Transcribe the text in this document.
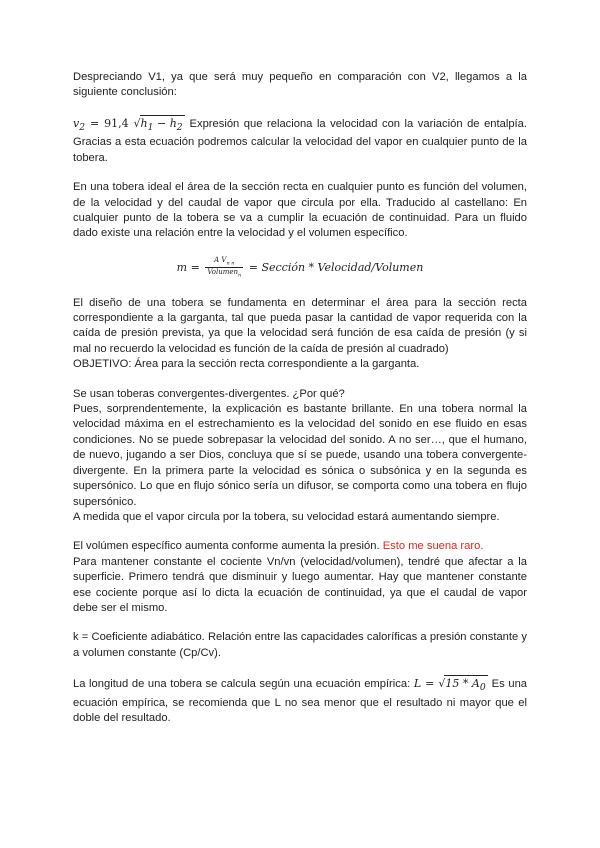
Despreciando V1, ya que será muy pequeño en comparación con V2, llegamos a la siguiente conclusión:

$v_2 = 91,4$ $√h_1 - h_2$ Expresión que relaciona la velocidad con la variación de entalpía. Gracias a esta ecuación podremos calcular la velocidad del vapor en cualquier punto de la tobera.

En una tobera ideal el área de la sección recta en cualquier punto es función del volumen, de la velocidad y del caudal de vapor que circula por ella. Traducido al castellano: En cualquier punto de la tobera se va a cumplir la ecuación de continuidad. Para un fluido dado existe una relación entre la velocidad y el volumen específico.

$m = \frac{A V_{n n}}{Volumen_n}$ = Sección * Velocidad/Volumen

El diseño de una tobera se fundamenta en determinar el área para la sección recta correspondiente a la garganta, tal que pueda pasar la cantidad de vapor requerida con la caída de presión prevista, ya que la velocidad será función de esa caída de presión (y si mal no recuerdo la velocidad es función de la caída de presión al cuadrado)

OBJETIVO: Área para la sección recta correspondiente a la garganta.

Se usan toberas convergentes-divergentes. ¿Por qué?

Pues, sorprendentemente, la explicación es bastante brillante. En una tobera normal la velocidad máxima en el estrechamiento es la velocidad del sonido en ese fluido en esas condiciones. No se puede sobrepasar la velocidad del sonido. A no ser…, que el humano, de nuevo, jugando a ser Dios, concluya que sí se puede, usando una tobera convergente-divergente. En la primera parte la velocidad es sónica o subsónica y en la segunda es supersónico. Lo que en flujo sónico sería un difusor, se comporta como una tobera en flujo supersónico.

A medida que el vapor circula por la tobera, su velocidad estará aumentando siempre.

El volúmen específico aumenta conforme aumenta la presión. Esto me suena raro.

Para mantener constante el cociente Vn/vn (velocidad/volumen), tendré que afectar a la superficie. Primero tendrá que disminuir y luego aumentar. Hay que mantener constante ese cociente porque así lo dicta la ecuación de continuidad, ya que el caudal de vapor debe ser el mismo.

k = Coeficiente adiabático. Relación entre las capacidades caloríficas a presión constante y a volumen constante (Cp/Cv).

La longitud de una tobera se calcula según una ecuación empírica: $L = √15 * A_0$ Es una ecuación empírica, se recomienda que L no sea menor que el resultado ni mayor que el doble del resultado.
